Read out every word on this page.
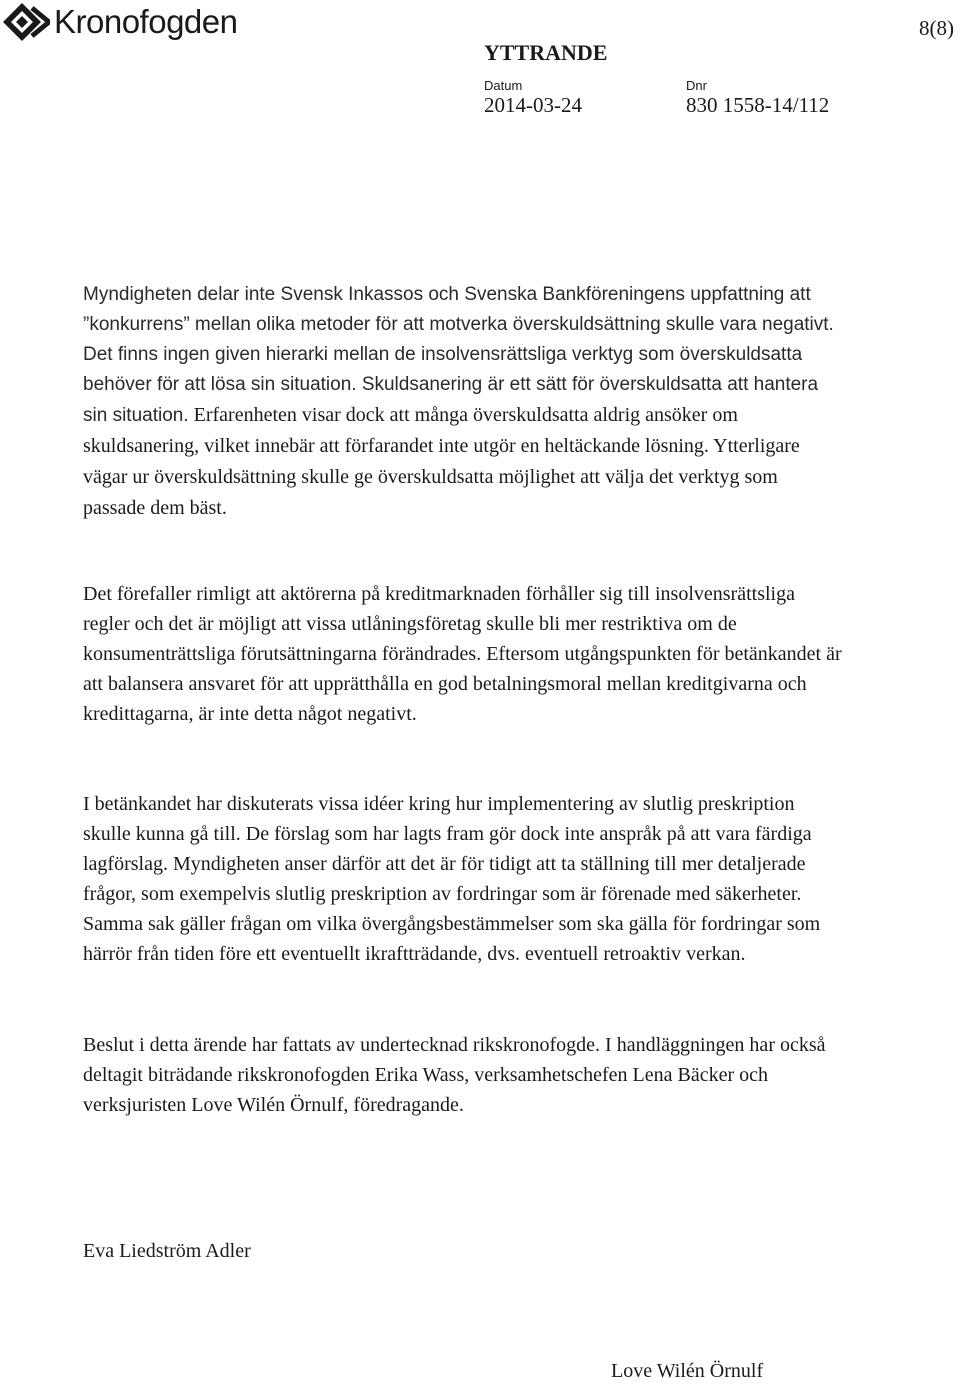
Kronofogden	8(8)
YTTRANDE
Datum
2014-03-24
Dnr
830 1558-14/112

Myndigheten delar inte Svensk Inkassos och Svenska Bankföreningens uppfattning att ”konkurrens” mellan olika metoder för att motverka överskuldsättning skulle vara negativt. Det finns ingen given hierarki mellan de insolvensrättsliga verktyg som överskuldsatta behöver för att lösa sin situation. Skuldsanering är ett sätt för överskuldsatta att hantera sin situation. Erfarenheten visar dock att många överskuldsatta aldrig ansöker om skuldsanering, vilket innebär att förfarandet inte utgör en heltäckande lösning. Ytterligare vägar ur överskuldsättning skulle ge överskuldsatta möjlighet att välja det verktyg som passade dem bäst.

Det förefaller rimligt att aktörerna på kreditmarknaden förhåller sig till insolvensrättsliga regler och det är möjligt att vissa utlåningsföretag skulle bli mer restriktiva om de konsumenträttsliga förutsättningarna förändrades. Eftersom utgångspunkten för betänkandet är att balansera ansvaret för att upprätthålla en god betalningsmoral mellan kreditgivarna och kredittagarna, är inte detta något negativt.

I betänkandet har diskuterats vissa idéer kring hur implementering av slutlig preskription skulle kunna gå till. De förslag som har lagts fram gör dock inte anspråk på att vara färdiga lagförslag. Myndigheten anser därför att det är för tidigt att ta ställning till mer detaljerade frågor, som exempelvis slutlig preskription av fordringar som är förenade med säkerheter. Samma sak gäller frågan om vilka övergångsbestämmelser som ska gälla för fordringar som härrör från tiden före ett eventuellt ikraftträdande, dvs. eventuell retroaktiv verkan.

Beslut i detta ärende har fattats av undertecknad rikskronofogde. I handläggningen har också deltagit biträdande rikskronofogden Erika Wass, verksamhetschefen Lena Bäcker och verksjuristen Love Wilén Örnulf, föredragande.

Eva Liedström Adler
Love Wilén Örnulf
